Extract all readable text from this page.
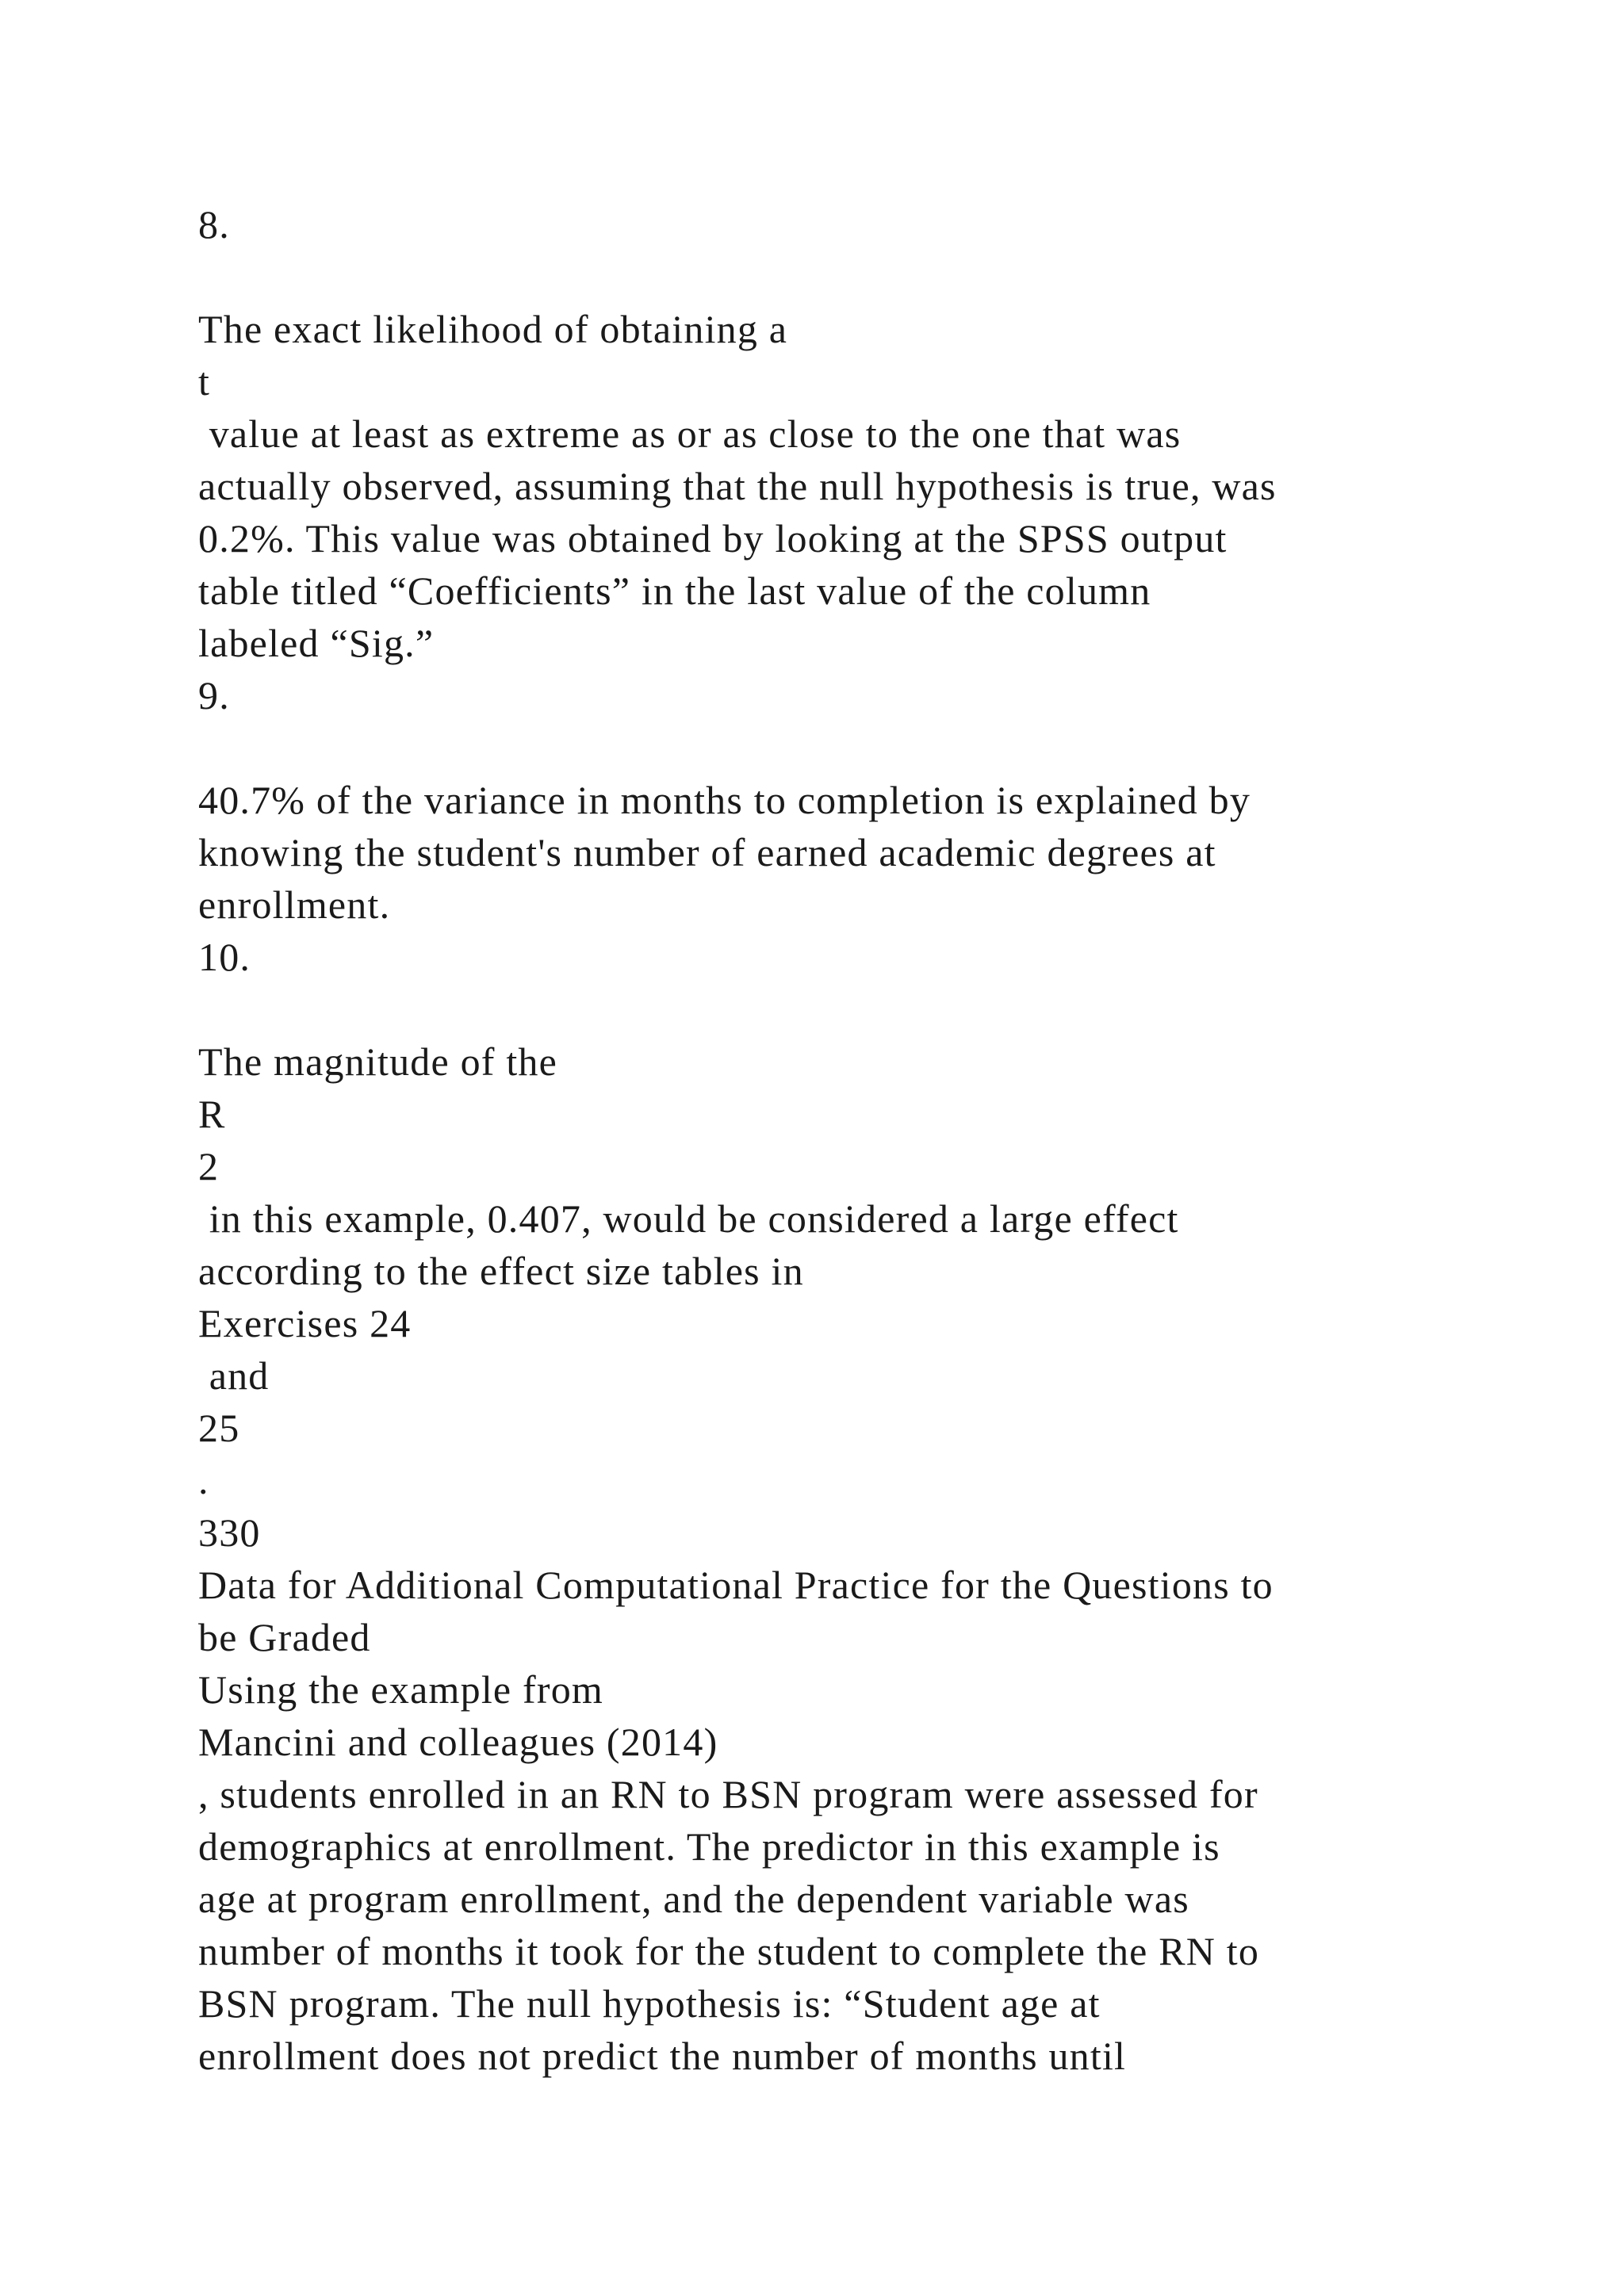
8.
The exact likelihood of obtaining a
t
value at least as extreme as or as close to the one that was
actually observed, assuming that the null hypothesis is true, was
0.2%. This value was obtained by looking at the SPSS output
table titled “Coefficients” in the last value of the column
labeled “Sig.”
9.
40.7% of the variance in months to completion is explained by
knowing the student's number of earned academic degrees at
enrollment.
10.
The magnitude of the
R
2
in this example, 0.407, would be considered a large effect
according to the effect size tables in
Exercises 24
and
25
.
330
Data for Additional Computational Practice for the Questions to
be Graded
Using the example from
Mancini and colleagues (2014)
, students enrolled in an RN to BSN program were assessed for
demographics at enrollment. The predictor in this example is
age at program enrollment, and the dependent variable was
number of months it took for the student to complete the RN to
BSN program. The null hypothesis is: “Student age at
enrollment does not predict the number of months until
